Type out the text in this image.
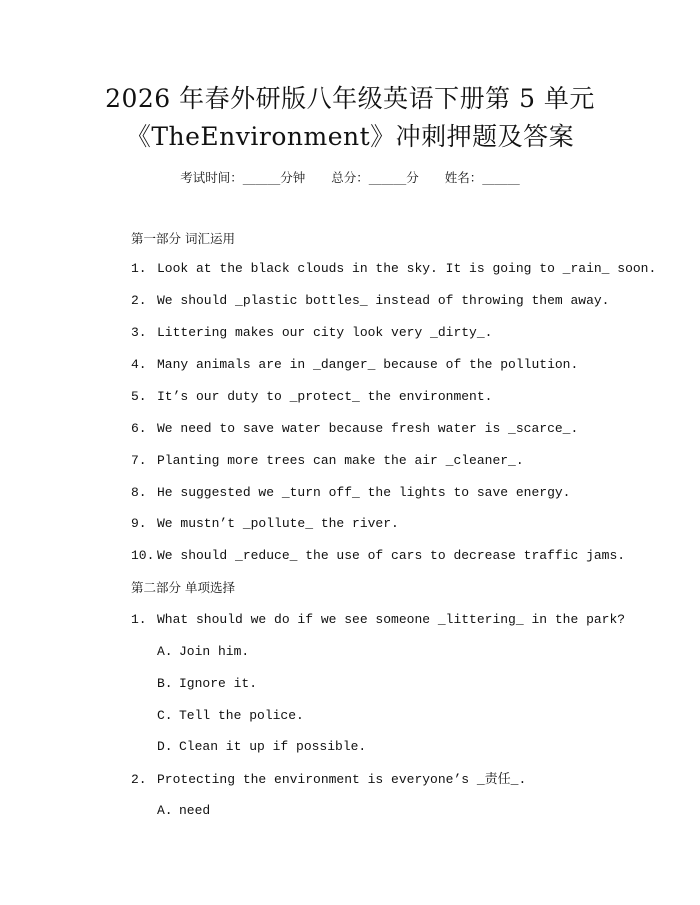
2026 年春外研版八年级英语下册第 5 单元
《TheEnvironment》冲刺押题及答案
考试时间：______分钟 总分：______分 姓名：______
第一部分 词汇运用
1. Look at the black clouds in the sky. It is going to _rain_ soon.
2. We should _plastic bottles_ instead of throwing them away.
3. Littering makes our city look very _dirty_.
4. Many animals are in _danger_ because of the pollution.
5. It’s our duty to _protect_ the environment.
6. We need to save water because fresh water is _scarce_.
7. Planting more trees can make the air _cleaner_.
8. He suggested we _turn off_ the lights to save energy.
9. We mustn’t _pollute_ the river.
10. We should _reduce_ the use of cars to decrease traffic jams.
第二部分 单项选择
1. What should we do if we see someone _littering_ in the park?
A. Join him.
B. Ignore it.
C. Tell the police.
D. Clean it up if possible.
2. Protecting the environment is everyone’s _责任_.
A. need
